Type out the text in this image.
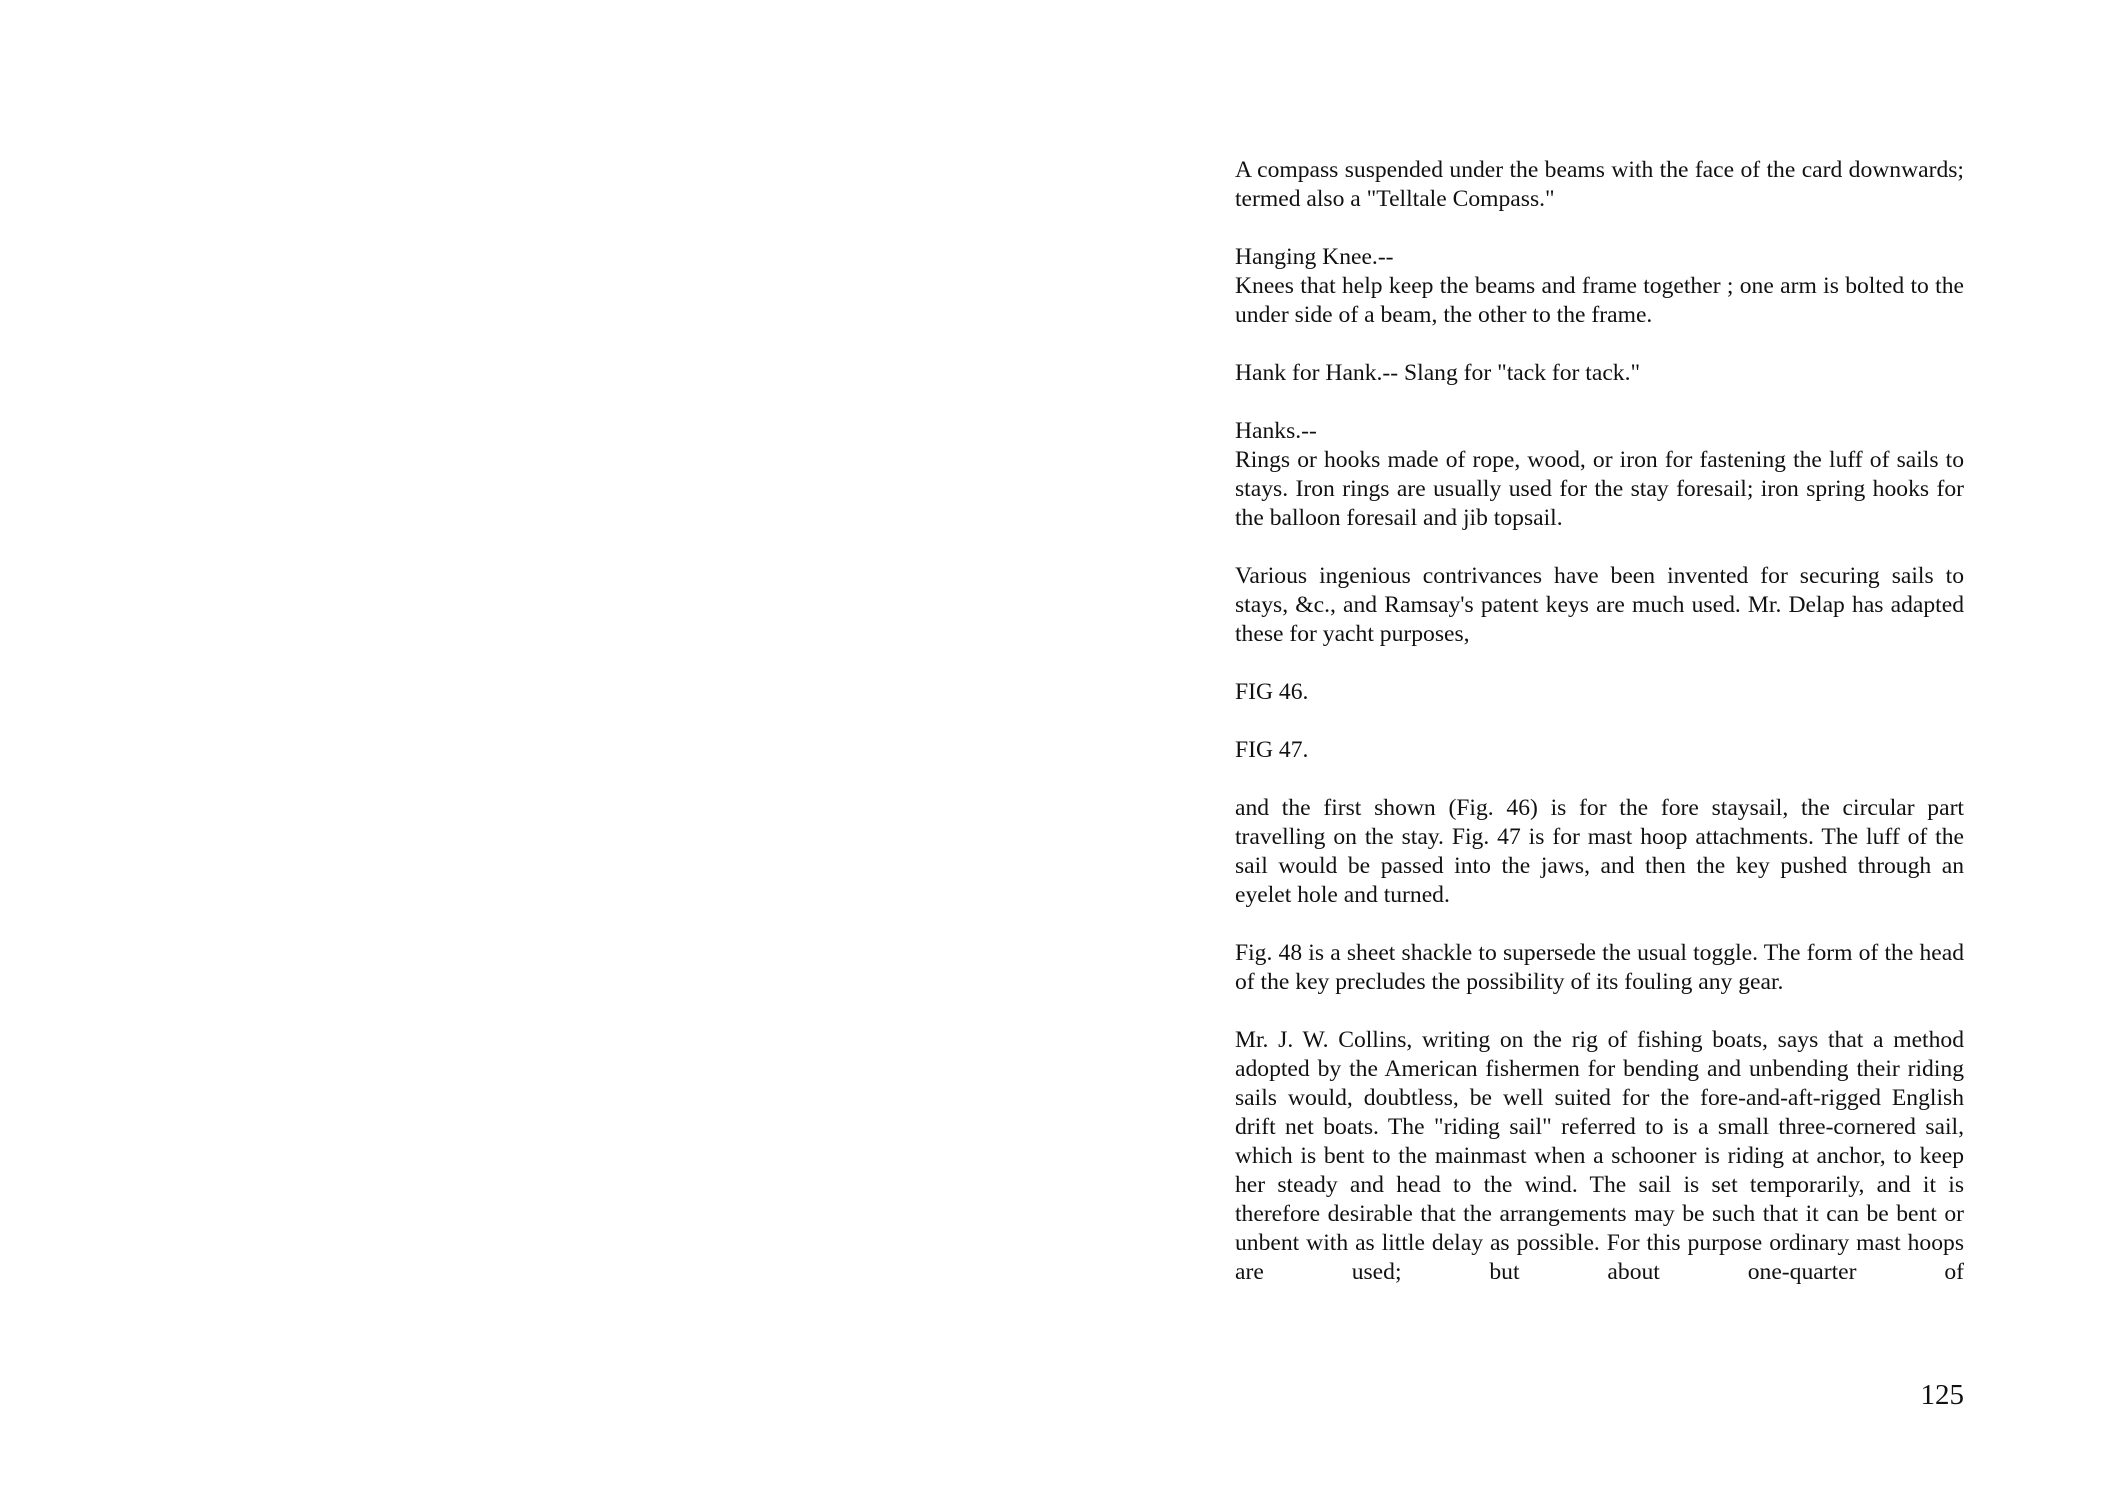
A compass suspended under the beams with the face of the card downwards; termed also a "Telltale Compass."

Hanging Knee.--
Knees that help keep the beams and frame together ; one arm is bolted to the under side of a beam, the other to the frame.

Hank for Hank.-- Slang for "tack for tack."

Hanks.--
Rings or hooks made of rope, wood, or iron for fastening the luff of sails to stays. Iron rings are usually used for the stay foresail; iron spring hooks for the balloon foresail and jib topsail.

Various ingenious contrivances have been invented for securing sails to stays, &c., and Ramsay's patent keys are much used. Mr. Delap has adapted these for yacht purposes,

FIG 46.

FIG 47.

and the first shown (Fig. 46) is for the fore staysail, the circular part travelling on the stay. Fig. 47 is for mast hoop attachments. The luff of the sail would be passed into the jaws, and then the key pushed through an eyelet hole and turned.

Fig. 48 is a sheet shackle to supersede the usual toggle. The form of the head of the key precludes the possibility of its fouling any gear.

Mr. J. W. Collins, writing on the rig of fishing boats, says that a method adopted by the American fishermen for bending and unbending their riding sails would, doubtless, be well suited for the fore-and-aft-rigged English drift net boats. The "riding sail" referred to is a small three-cornered sail, which is bent to the mainmast when a schooner is riding at anchor, to keep her steady and head to the wind. The sail is set temporarily, and it is therefore desirable that the arrangements may be such that it can be bent or unbent with as little delay as possible. For this purpose ordinary mast hoops are used; but about one-quarter of

125
